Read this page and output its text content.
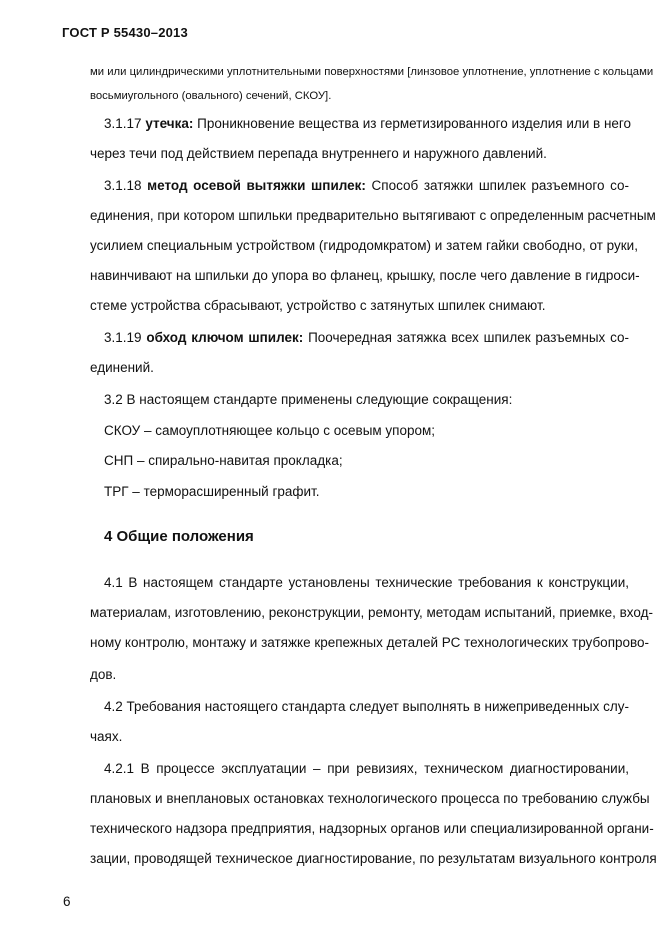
ГОСТ Р 55430–2013
ми или цилиндрическими уплотнительными поверхностями [линзовое уплотнение, уплотнение с кольцами
восьмиугольного (овального) сечений, СКОУ].
3.1.17 утечка: Проникновение вещества из герметизированного изделия или в него
через течи под действием перепада внутреннего и наружного давлений.
3.1.18 метод осевой вытяжки шпилек: Способ затяжки шпилек разъемного со-
единения, при котором шпильки предварительно вытягивают с определенным расчетным
усилием специальным устройством (гидродомкратом) и затем гайки свободно, от руки,
навинчивают на шпильки до упора во фланец, крышку, после чего давление в гидроси-
стеме устройства сбрасывают, устройство с затянутых шпилек снимают.
3.1.19 обход ключом шпилек: Поочередная затяжка всех шпилек разъемных со-
единений.
3.2 В настоящем стандарте применены следующие сокращения:
СКОУ – самоуплотняющее кольцо с осевым упором;
СНП – спирально-навитая прокладка;
ТРГ – терморасширенный графит.
4 Общие положения
4.1 В настоящем стандарте установлены технические требования к конструкции,
материалам, изготовлению, реконструкции, ремонту, методам испытаний, приемке, вход-
ному контролю, монтажу и затяжке крепежных деталей РС технологических трубопрово-
дов.
4.2 Требования настоящего стандарта следует выполнять в нижеприведенных слу-
чаях.
4.2.1 В процессе эксплуатации – при ревизиях, техническом диагностировании,
плановых и внеплановых остановках технологического процесса по требованию службы
технического надзора предприятия, надзорных органов или специализированной органи-
зации, проводящей техническое диагностирование, по результатам визуального контроля
6
